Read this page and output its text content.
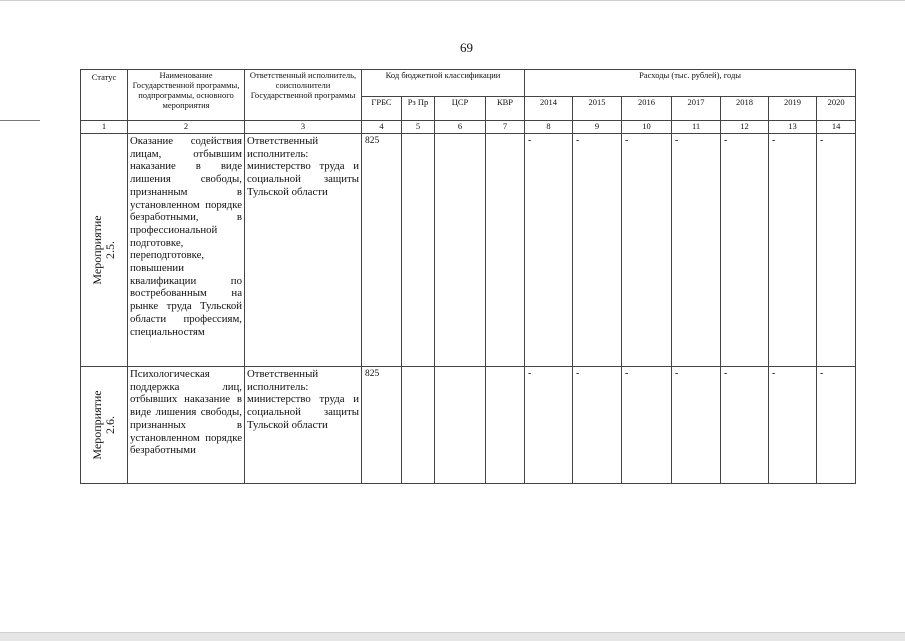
69
Статус	Наименование Государственной программы, подпрограммы, основного мероприятия	Ответственный исполнитель, соисполнители Государственной программы	Код бюджетной классификации				Расходы (тыс. рублей), годы						
			ГРБС	Рз Пр	ЦСР	КВР	2014	2015	2016	2017	2018	2019	2020
1	2	3	4	5	6	7	8	9	10	11	12	13	14

Мероприятие 2.5.	Оказание содействия лицам, отбывшим наказание в виде лишения свободы, признанным в установленном порядке безработными, в профессиональной подготовке, переподготовке, повышении квалификации по востребованным на рынке труда Тульской области профессиям, специальностям	Ответственный исполнитель: министерство труда и социальной защиты Тульской области	825				-	-	-	-	-	-	-

Мероприятие 2.6.	Психологическая поддержка лиц, отбывших наказание в виде лишения свободы, признанных в установленном порядке безработными	Ответственный исполнитель: министерство труда и социальной защиты Тульской области	825				-	-	-	-	-	-	-
